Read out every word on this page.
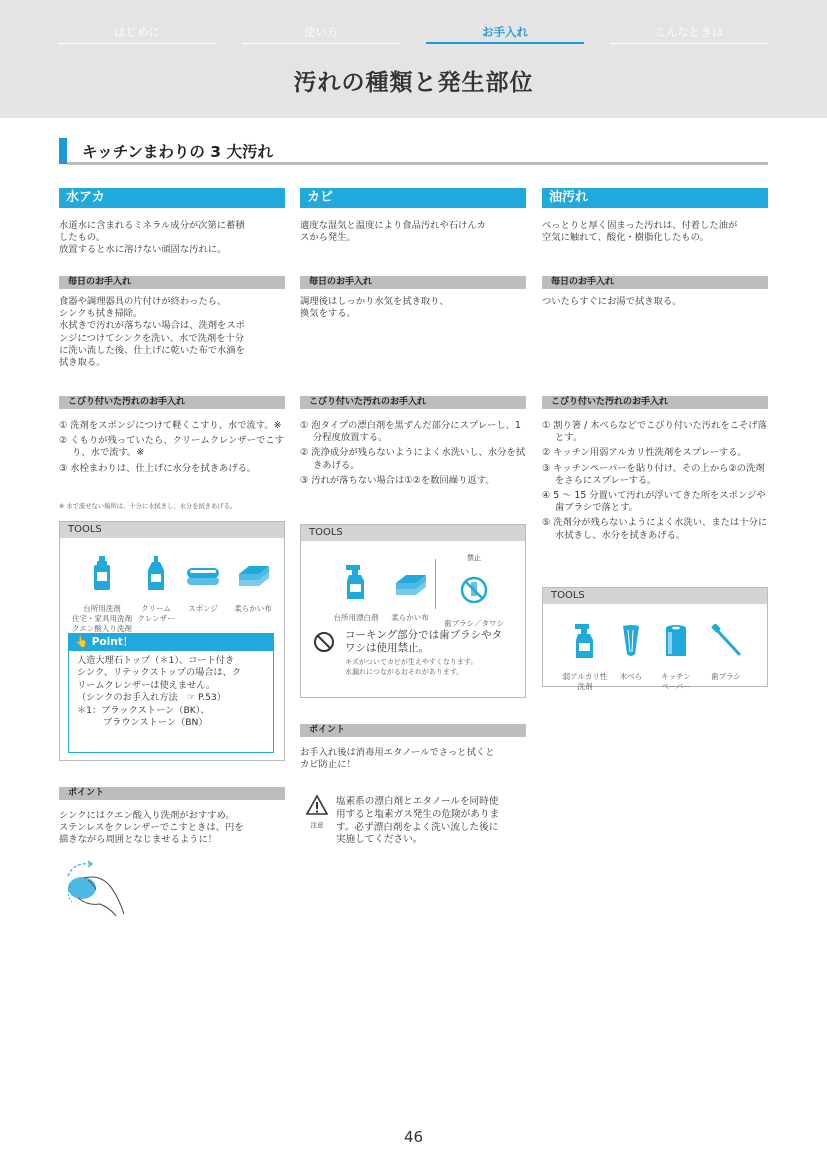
はじめに	使い方	お手入れ	こんなときは
汚れの種類と発生部位
キッチンまわりの 3 大汚れ
水アカ

水道水に含まれるミネラル成分が次第に蓄積

したもの。

放置すると水に溶けない頑固な汚れに。

毎日のお手入れ

食器や調理器具の片付けが終わったら、

シンクも拭き掃除。

水拭きで汚れが落ちない場合は、洗剤をスポ

ンジにつけてシンクを洗い、水で洗剤を十分

に洗い流した後、仕上げに乾いた布で水滴を

拭き取る。

こびり付いた汚れのお手入れ
① 洗剤をスポンジにつけて軽くこすり、水で流す。※
② くもりが残っていたら、クリームクレンザーでこすり、水で流す。※
③ 水栓まわりは、仕上げに水分を拭きあげる。
※ 水で流せない場所は、十分に水拭きし、水分を拭きあげる。
TOOLS

台所用洗剤
住宅・家具用洗剤
クエン酸入り洗剤

クリーム
クレンザー

スポンジ	柔らかい布

👆 Point！
人造大理石トップ（＊1）、コート付き
シンク、リテックストップの場合は、ク
リームクレンザーは使えません。
（シンクのお手入れ方法　☞ P.53）
＊1：ブラックストーン（BK）、
ブラウンストーン（BN）
ポイント

シンクにはクエン酸入り洗剤がおすすめ。

ステンレスをクレンザーでこすときは、円を

描きながら周囲となじませるように！

カビ

適度な湿気と温度により食品汚れや石けんカ

スから発生。

毎日のお手入れ

調理後はしっかり水気を拭き取り、

換気をする。

こびり付いた汚れのお手入れ
① 泡タイプの漂白剤を黒ずんだ部分にスプレーし、1 分程度放置する。
② 洗浄成分が残らないようによく水洗いし、水分を拭きあげる。
③ 汚れが落ちない場合は①②を数回繰り返す。
TOOLS

台所用漂白剤	柔らかい布

禁止

歯ブラシ／タワシ

コーキング部分では歯ブラシやタ
ワシは使用禁止。
キズがついてカビが生えやすくなります。
水漏れにつながるおそれがあります。
ポイント

お手入れ後は消毒用エタノールでさっと拭くと

カビ防止に！

注意

塩素系の漂白剤とエタノールを同時使

用すると塩素ガス発生の危険がありま

す。必ず漂白剤をよく洗い流した後に

実施してください。

油汚れ

べっとりと厚く固まった汚れは、付着した油が

空気に触れて、酸化・樹脂化したもの。

毎日のお手入れ

ついたらすぐにお湯で拭き取る。

こびり付いた汚れのお手入れ
① 割り箸 / 木べらなどでこびり付いた汚れをこそげ落とす。
② キッチン用弱アルカリ性洗剤をスプレーする。
③ キッチンペーパーを貼り付け、その上から②の洗剤をさらにスプレーする。
④ 5 ～ 15 分置いて汚れが浮いてきた所をスポンジや歯ブラシで落とす。
⑤ 洗剤分が残らないようによく水洗い、または十分に水拭きし、水分を拭きあげる。
TOOLS

弱アルカリ性
洗剤

木べら	キッチン
ペーパー

歯ブラシ

46
